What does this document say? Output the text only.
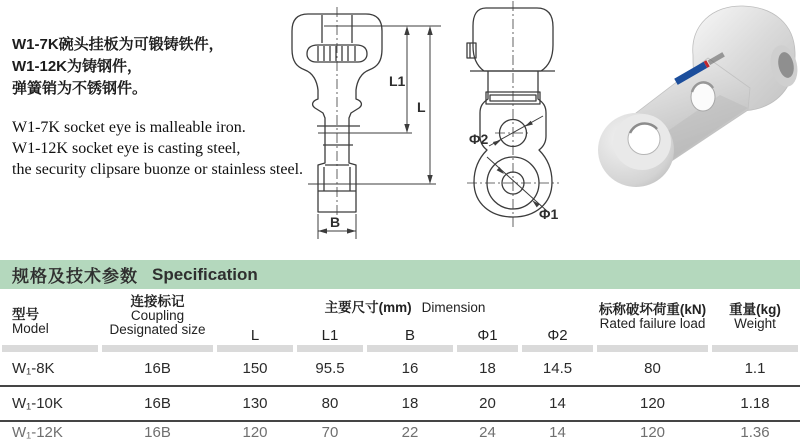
W1-7K碗头挂板为可锻铸铁件，
W1-12K为铸钢件，
弹簧销为不锈钢件。
W1-7K socket eye is malleable iron.
W1-12K socket eye is casting steel,
the security clipsare buonze or stainless steel.
L1
L
B
Φ2
Φ1
规格及技术参数 Specification
型号
Model
连接标记
Coupling
Designated size
主要尺寸(mm) Dimension
L	L1	B	Φ1	Φ2
标称破坏荷重(kN)
Rated failure load
重量(kg)
Weight
W₁-8K	16B	150	95.5	16	18	14.5	80	1.1
W₁-10K	16B	130	80	18	20	14	120	1.18
W₁-12K	16B	120	70	22	24	14	120	1.36
